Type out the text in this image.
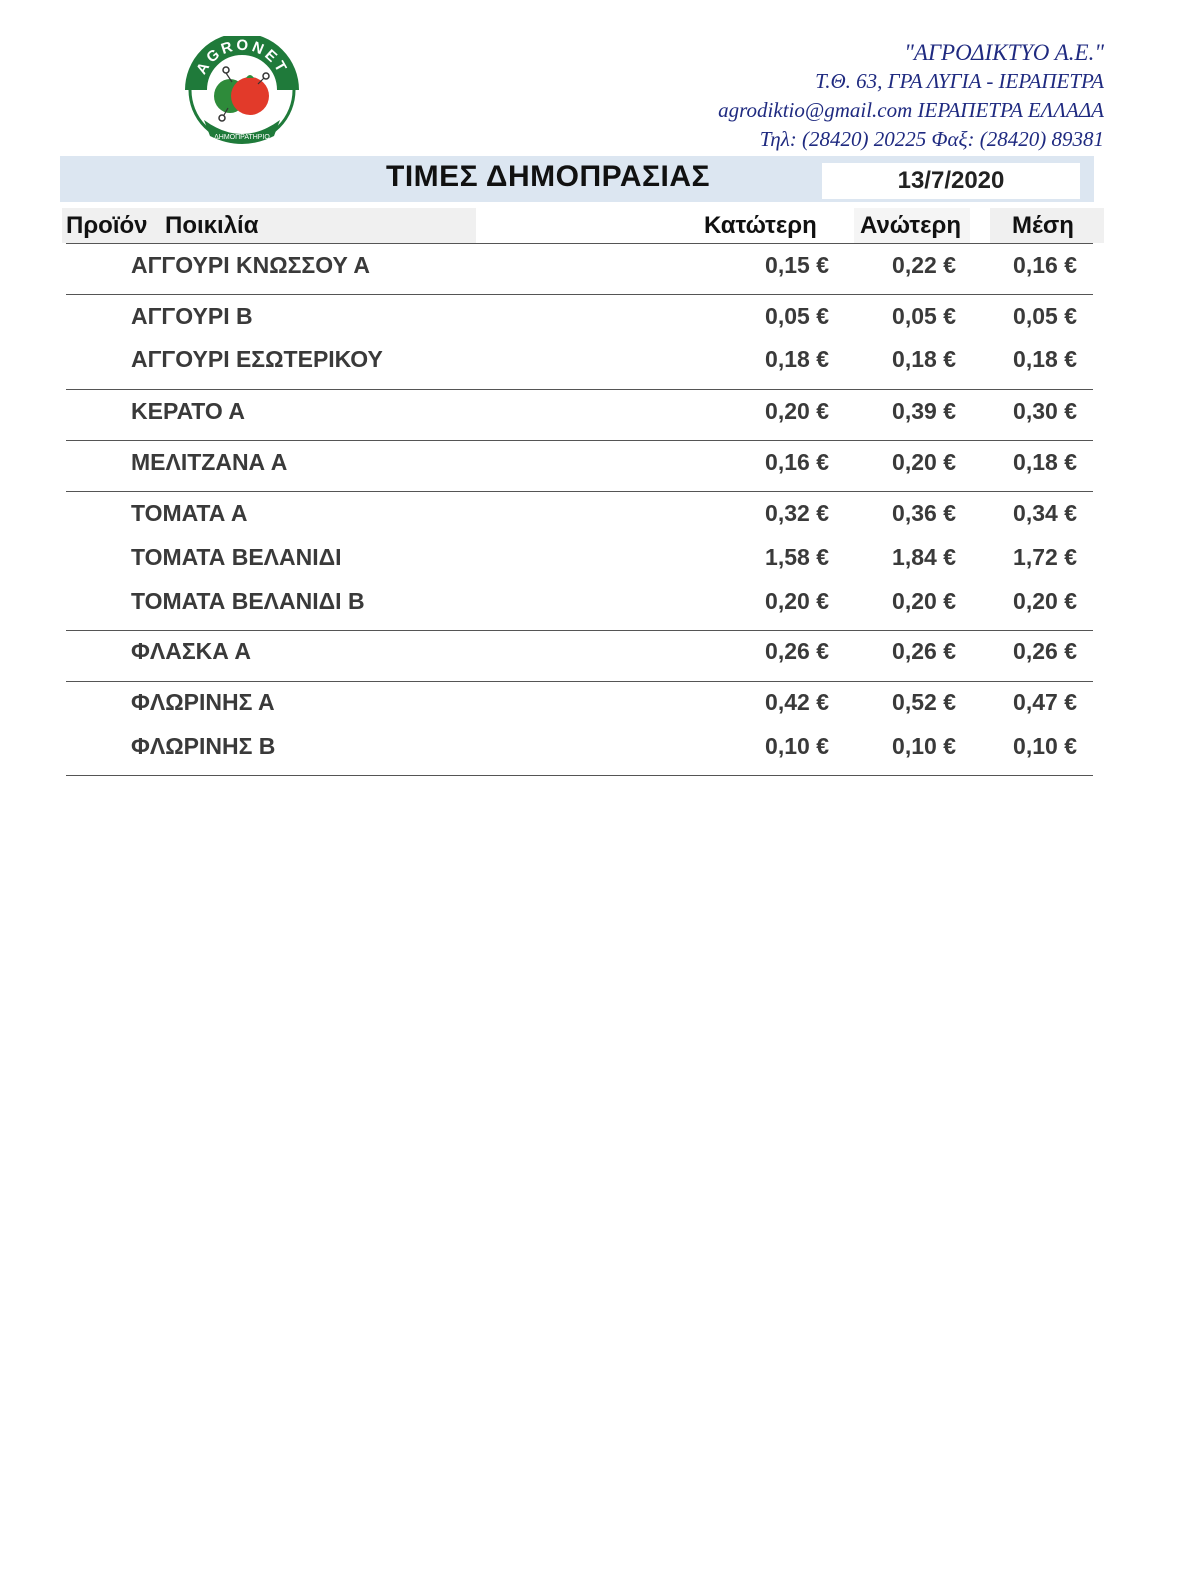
AGRONET
ΔΗΜΟΠΡΑΤΗΡΙΟ
"ΑΓΡΟΔΙΚΤΥΟ Α.Ε."
Τ.Θ. 63, ΓΡΑ ΛΥΓΙΑ - ΙΕΡΑΠΕΤΡΑ
agrodiktio@gmail.com ΙΕΡΑΠΕΤΡΑ ΕΛΛΑΔΑ
Τηλ: (28420) 20225 Φαξ: (28420) 89381
ΤΙΜΕΣ ΔΗΜΟΠΡΑΣΙΑΣ	13/7/2020
Προϊόν Ποικιλία	Κατώτερη Ανώτερη Μέση
ΑΓΓΟΥΡΙ ΚΝΩΣΣΟΥ Α	0,15 €	0,22 € 0,16 €
ΑΓΓΟΥΡΙ Β	0,05 €	0,05 € 0,05 €
ΑΓΓΟΥΡΙ ΕΣΩΤΕΡΙΚΟΥ	0,18 €	0,18 € 0,18 €
ΚΕΡΑΤΟ Α	0,20 €	0,39 € 0,30 €
ΜΕΛΙΤΖΑΝΑ Α	0,16 €	0,20 € 0,18 €
ΤΟΜΑΤΑ Α	0,32 €	0,36 € 0,34 €
ΤΟΜΑΤΑ ΒΕΛΑΝΙΔΙ	1,58 €	1,84 € 1,72 €
ΤΟΜΑΤΑ ΒΕΛΑΝΙΔΙ Β	0,20 €	0,20 € 0,20 €
ΦΛΑΣΚΑ Α	0,26 €	0,26 € 0,26 €
ΦΛΩΡΙΝΗΣ Α	0,42 €	0,52 € 0,47 €
ΦΛΩΡΙΝΗΣ Β	0,10 €	0,10 € 0,10 €
